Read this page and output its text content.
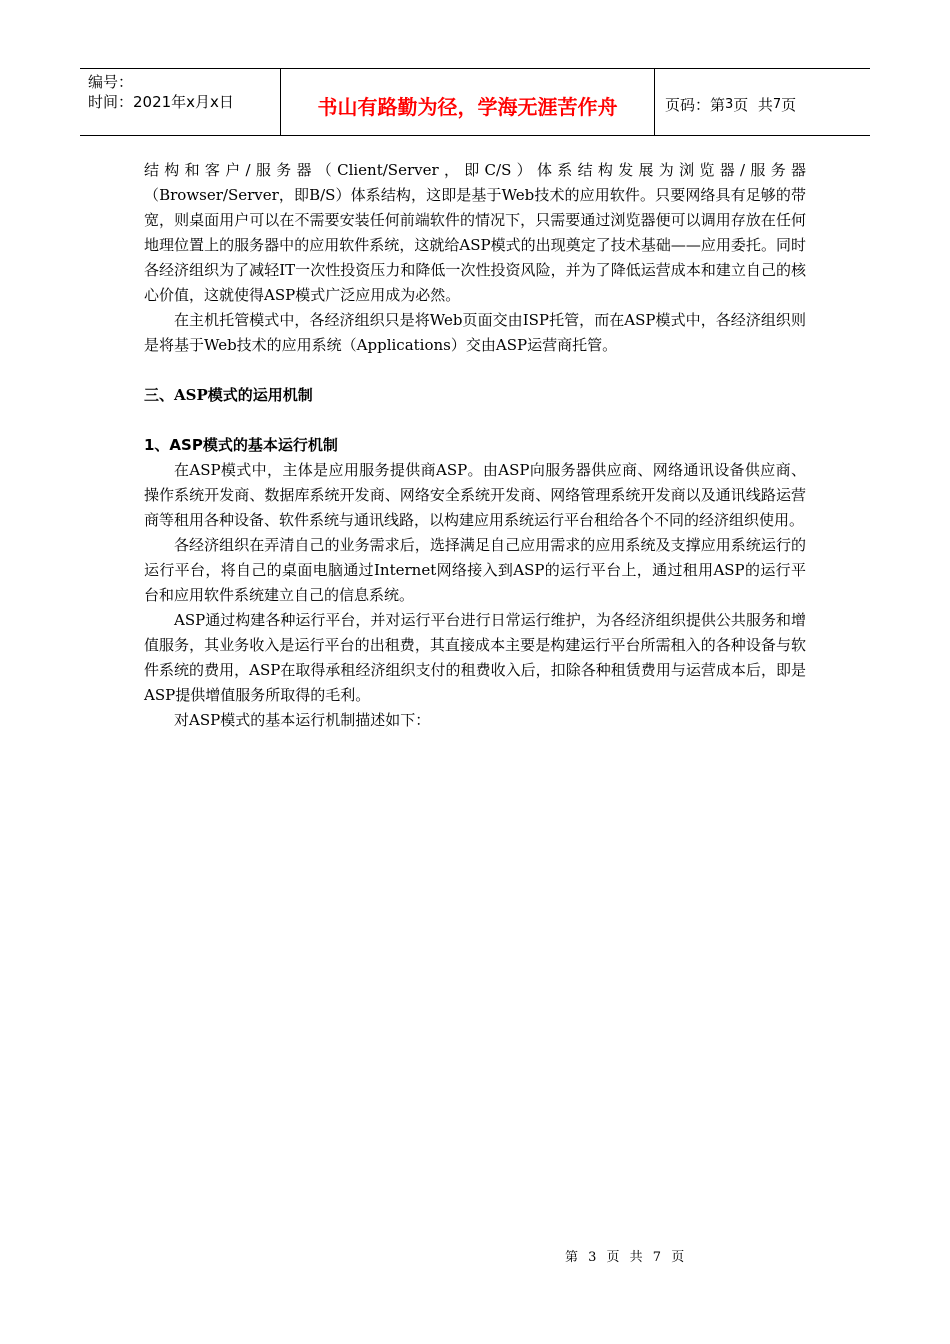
编号：
时间：2021年x月x日	书山有路勤为径，学海无涯苦作舟	页码：第 3 页  共 7 页

结构和客户/服务器（Client/Server，即C/S）体系结构发展为浏览器/服务器（Browser/Server，即B/S）体系结构，这即是基于Web技术的应用软件。只要网络具有足够的带宽，则桌面用户可以在不需要安装任何前端软件的情况下，只需要通过浏览器便可以调用存放在任何地理位置上的服务器中的应用软件系统，这就给ASP模式的出现奠定了技术基础——应用委托。同时各经济组织为了减轻IT一次性投资压力和降低一次性投资风险，并为了降低运营成本和建立自己的核心价值，这就使得ASP模式广泛应用成为必然。

在主机托管模式中，各经济组织只是将Web页面交由ISP托管，而在ASP模式中，各经济组织则是将基于Web技术的应用系统（Applications）交由ASP运营商托管。

三、ASP模式的运用机制

1、ASP模式的基本运行机制

在ASP模式中，主体是应用服务提供商ASP。由ASP向服务器供应商、网络通讯设备供应商、操作系统开发商、数据库系统开发商、网络安全系统开发商、网络管理系统开发商以及通讯线路运营商等租用各种设备、软件系统与通讯线路，以构建应用系统运行平台租给各个不同的经济组织使用。

各经济组织在弄清自己的业务需求后，选择满足自己应用需求的应用系统及支撑应用系统运行的运行平台，将自己的桌面电脑通过Internet网络接入到ASP的运行平台上，通过租用ASP的运行平台和应用软件系统建立自己的信息系统。

ASP通过构建各种运行平台，并对运行平台进行日常运行维护，为各经济组织提供公共服务和增值服务，其业务收入是运行平台的出租费，其直接成本主要是构建运行平台所需租入的各种设备与软件系统的费用，ASP在取得承租经济组织支付的租费收入后，扣除各种租赁费用与运营成本后，即是ASP提供增值服务所取得的毛利。

对ASP模式的基本运行机制描述如下：

第 3 页 共 7 页
